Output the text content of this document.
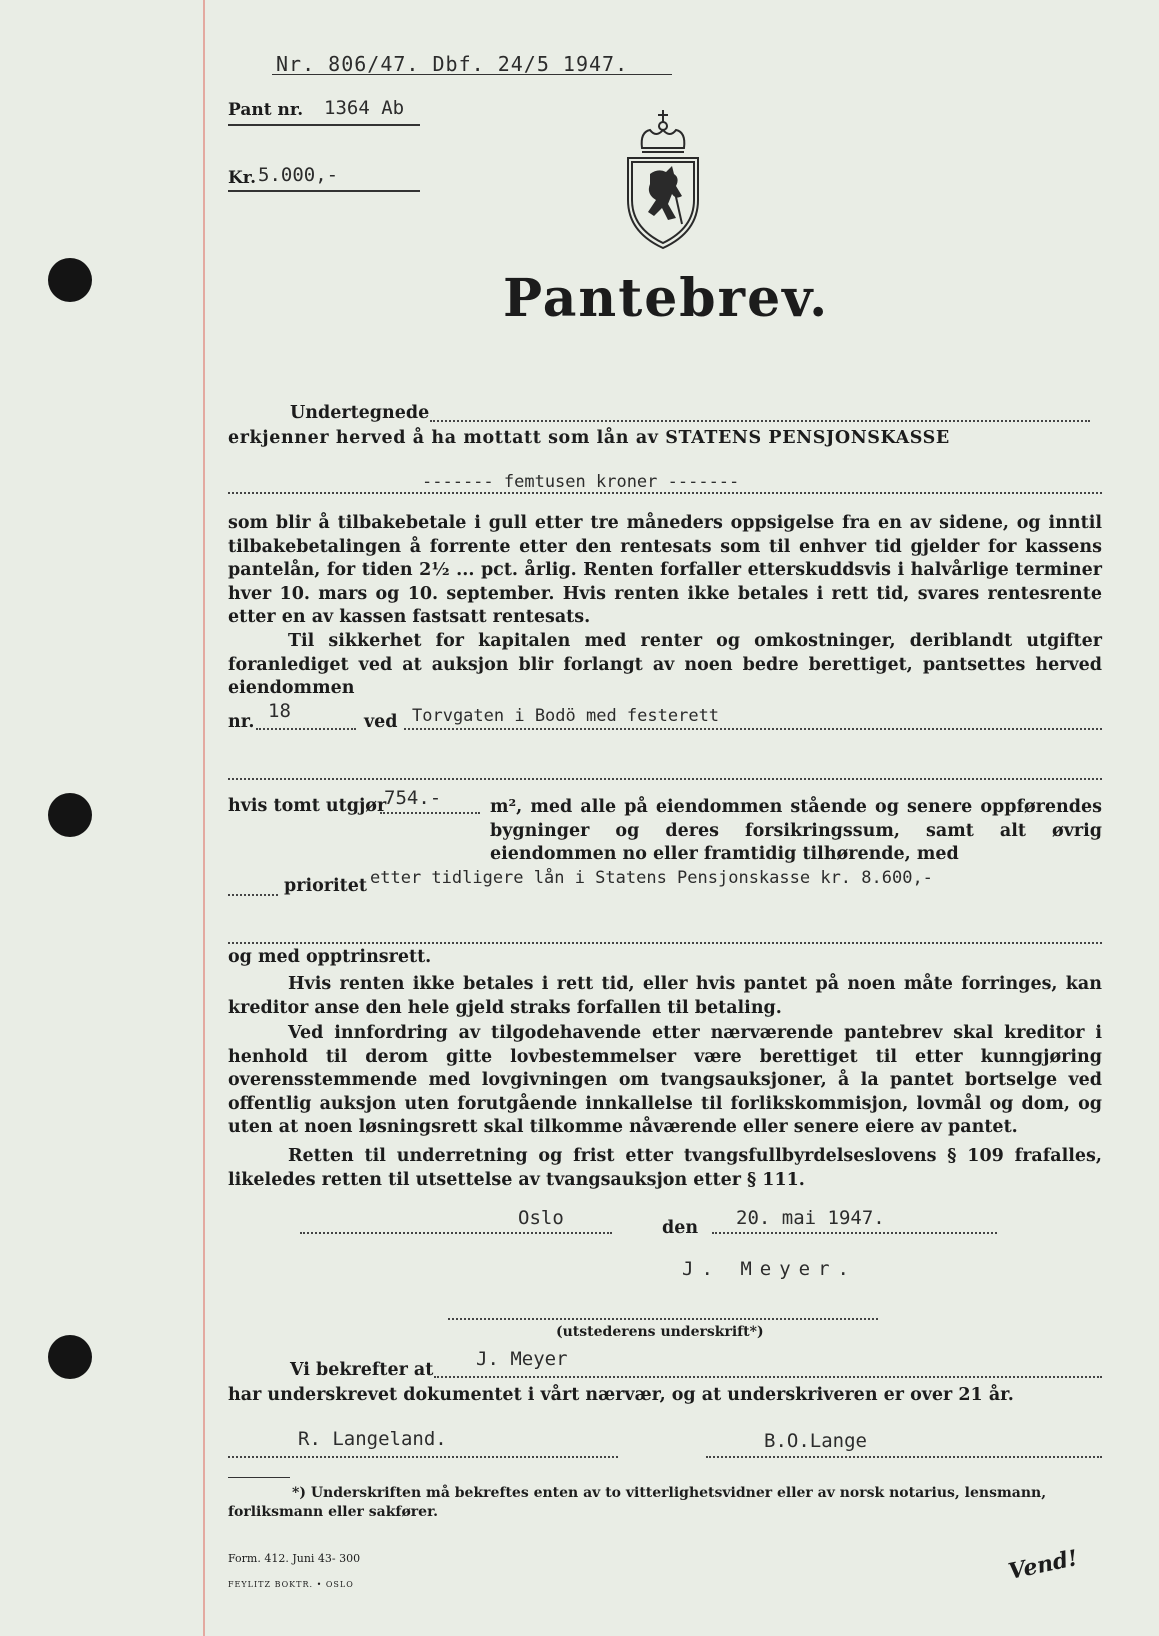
Nr. 806/47. Dbf. 24/5 1947.
Pant nr. 1364 Ab
Kr. 5.000,-
Pantebrev.
Undertegnede
erkjenner herved å ha mottatt som lån av STATENS PENSJONSKASSE
------- femtusen kroner -------
som blir å tilbakebetale i gull etter tre måneders oppsigelse fra en av sidene, og inntil tilbakebetalingen å forrente etter den rentesats som til enhver tid gjelder for kassens pantelån, for tiden 2½ ... pct. årlig. Renten forfaller etterskuddsvis i halvårlige terminer hver 10. mars og 10. september. Hvis renten ikke betales i rett tid, svares rentesrente etter en av kassen fastsatt rentesats.
Til sikkerhet for kapitalen med renter og omkostninger, deriblandt utgifter foranlediget ved at auksjon blir forlangt av noen bedre berettiget, pantsettes herved eiendommen
nr. 18	ved Torvgaten i Bodö med festerett
hvis tomt utgjør
754.-	m², med alle på eiendommen stående og senere oppførendes bygninger og deres forsikringssum, samt alt øvrig eiendommen no eller framtidig tilhørende, med
prioritet etter tidligere lån i Statens Pensjonskasse kr. 8.600,-
og med opptrinsrett.
Hvis renten ikke betales i rett tid, eller hvis pantet på noen måte forringes, kan kreditor anse den hele gjeld straks forfallen til betaling.
Ved innfordring av tilgodehavende etter nærværende pantebrev skal kreditor i henhold til derom gitte lovbestemmelser være berettiget til etter kunngjøring overensstemmende med lovgivningen om tvangsauksjoner, å la pantet bortselge ved offentlig auksjon uten forutgående innkallelse til forlikskommisjon, lovmål og dom, og uten at noen løsningsrett skal tilkomme nåværende eller senere eiere av pantet.
Retten til underretning og frist etter tvangsfullbyrdelseslovens § 109 frafalles, likeledes retten til utsettelse av tvangsauksjon etter § 111.
Oslo	den 20. mai 1947.
J. Meyer.
(utstederens underskrift*)
Vi bekrefter at J. Meyer
har underskrevet dokumentet i vårt nærvær, og at underskriveren er over 21 år.
R. Langeland.	B.O.Lange
*) Underskriften må bekreftes enten av to vitterlighetsvidner eller av norsk notarius, lensmann, forliksmann eller sakfører.
Form. 412. Juni 43- 300
FEYLITZ BOKTR. • OSLO	Vend!
